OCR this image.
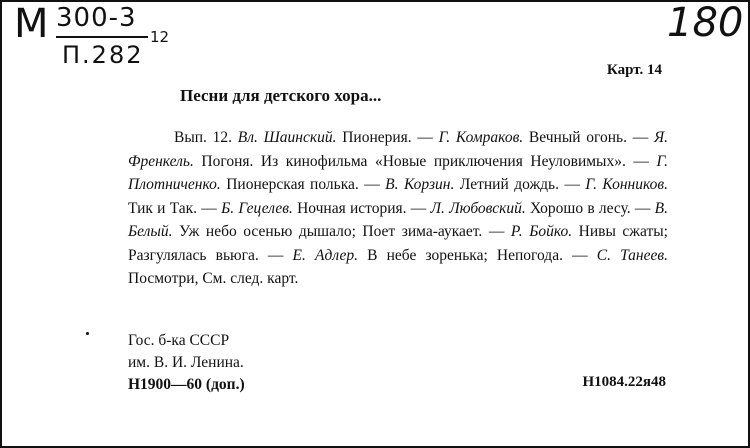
М 300-3
П.282
12	180
Карт. 14
Песни для детского хора...
Вып. 12. Вл. Шаинский. Пионерия. — Г. Комраков. Вечный огонь. — Я. Френкель. Погоня. Из кинофильма «Новые приключения Неуловимых». — Г. Плотниченко. Пионерская полька. — В. Корзин. Летний дождь. — Г. Конников. Тик и Так. — Б. Гецелев. Ночная история. — Л. Любовский. Хорошо в лесу. — В. Белый. Уж небо осенью дышало; Поет зима-аукает. — Р. Бойко. Нивы сжаты; Разгулялась вьюга. — Е. Адлер. В небе зоренька; Непогода. — С. Танеев. Посмотри, См. след. карт.
Гос. б-ка СССР
им. В. И. Ленина.
Н1900—60 (доп.)	Н1084.22я48
